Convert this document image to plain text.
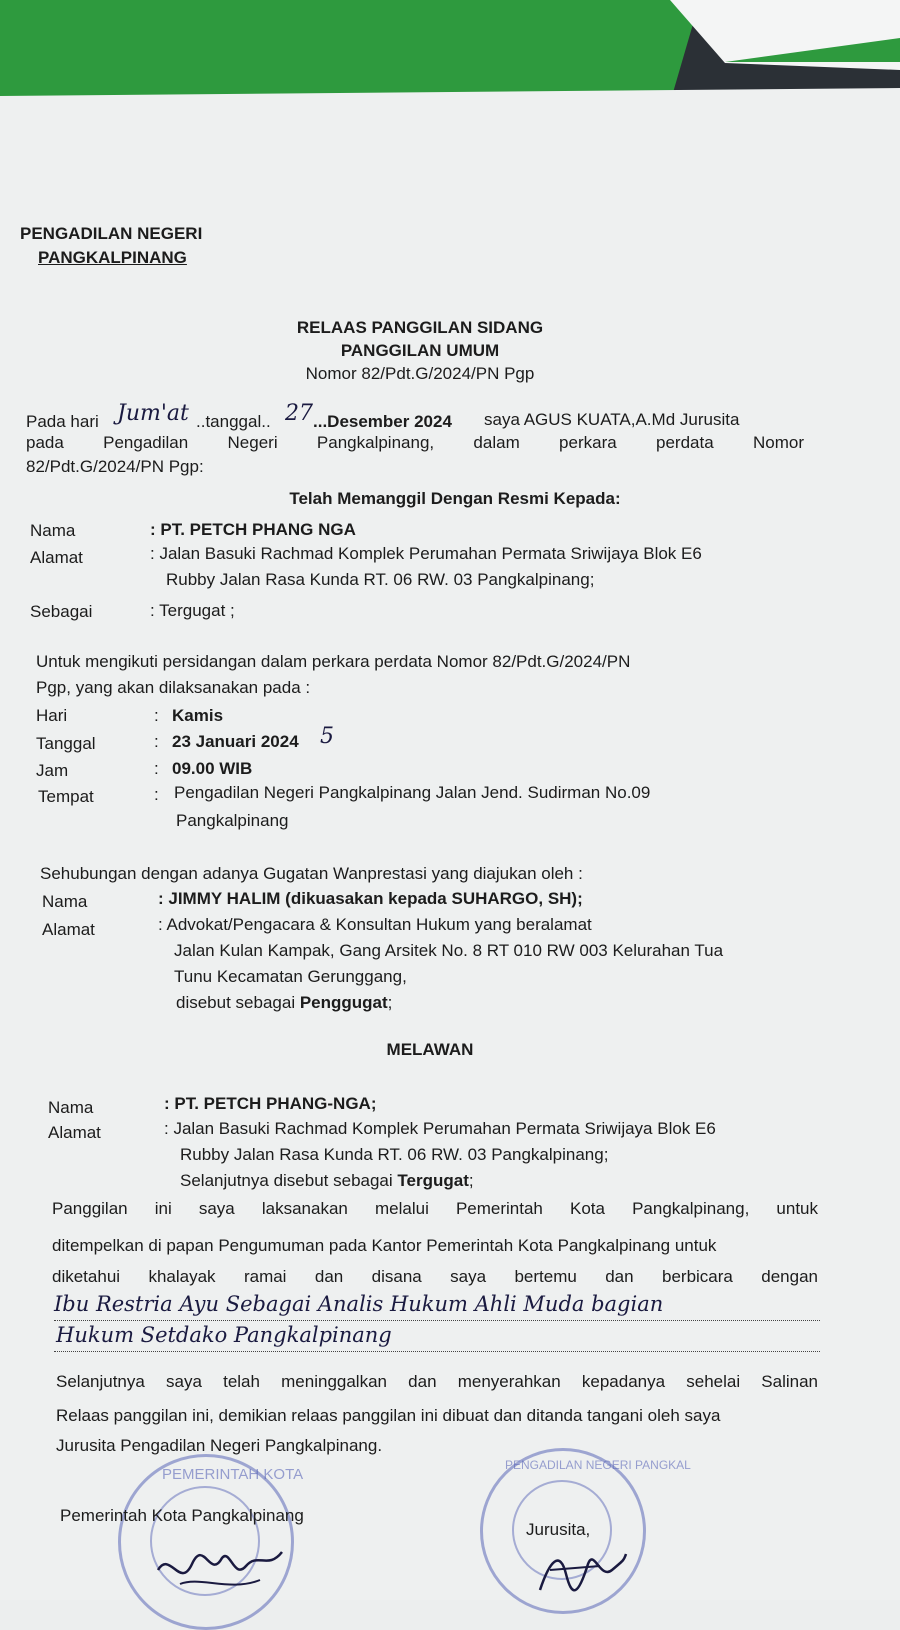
PENGADILAN NEGERI
PANGKALPINANG
RELAAS PANGGILAN SIDANG
PANGGILAN UMUM
Nomor 82/Pdt.G/2024/PN Pgp
Pada hari Jum'at ..tanggal.. 27 ...Desember 2024 saya AGUS KUATA,A.Md Jurusita
pada Pengadilan Negeri Pangkalpinang, dalam perkara perdata Nomor
82/Pdt.G/2024/PN Pgp:
Telah Memanggil Dengan Resmi Kepada:
Nama	: PT. PETCH PHANG NGA
Alamat	: Jalan Basuki Rachmad Komplek Perumahan Permata Sriwijaya Blok E6
Rubby Jalan Rasa Kunda RT. 06 RW. 03 Pangkalpinang;
Sebagai	: Tergugat ;
Untuk mengikuti persidangan dalam perkara perdata Nomor 82/Pdt.G/2024/PN
Pgp, yang akan dilaksanakan pada :
Hari	: Kamis
Tanggal	: 23 Januari 2024 5
Jam	: 09.00 WIB
Tempat	: Pengadilan Negeri Pangkalpinang Jalan Jend. Sudirman No.09
Pangkalpinang
Sehubungan dengan adanya Gugatan Wanprestasi yang diajukan oleh :
Nama	: JIMMY HALIM (dikuasakan kepada SUHARGO, SH);
Alamat	: Advokat/Pengacara & Konsultan Hukum yang beralamat
Jalan Kulan Kampak, Gang Arsitek No. 8 RT 010 RW 003 Kelurahan Tua
Tunu Kecamatan Gerunggang,
disebut sebagai Penggugat;
MELAWAN
Nama	: PT. PETCH PHANG-NGA;
Alamat	: Jalan Basuki Rachmad Komplek Perumahan Permata Sriwijaya Blok E6
Rubby Jalan Rasa Kunda RT. 06 RW. 03 Pangkalpinang;
Selanjutnya disebut sebagai Tergugat;
Panggilan ini saya laksanakan melalui Pemerintah Kota Pangkalpinang, untuk
ditempelkan di papan Pengumuman pada Kantor Pemerintah Kota Pangkalpinang untuk
diketahui khalayak ramai dan disana saya bertemu dan berbicara dengan
Ibu Restria Ayu Sebagai Analis Hukum Ahli Muda bagian
Hukum Setdako Pangkalpinang
Selanjutnya saya telah meninggalkan dan menyerahkan kepadanya sehelai Salinan
Relaas panggilan ini, demikian relaas panggilan ini dibuat dan ditanda tangani oleh saya
Jurusita Pengadilan Negeri Pangkalpinang.
PEMERINTAH KOTA
Pemerintah Kota Pangkalpinang
PENGADILAN NEGERI PANGKAL
Jurusita,
